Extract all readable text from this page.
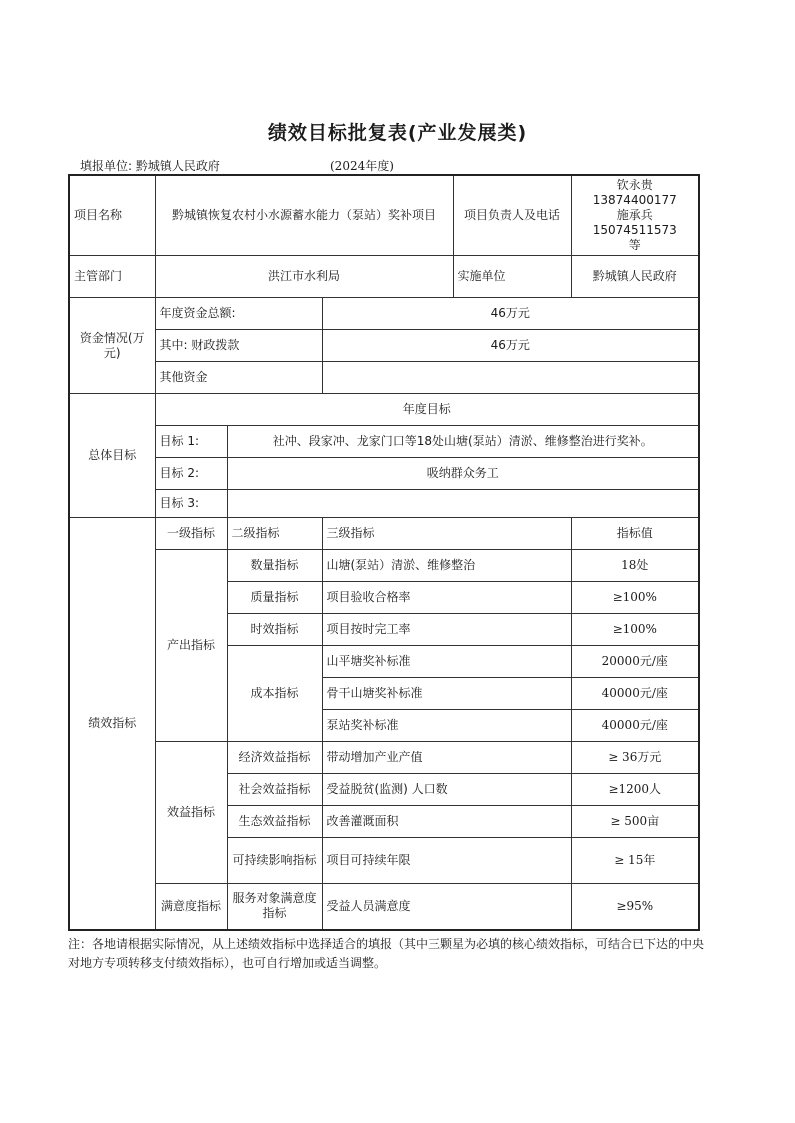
绩效目标批复表(产业发展类)
填报单位: 黔城镇人民政府	(2024年度)
项目名称	黔城镇恢复农村小水源蓄水能力（泵站）奖补项目			项目负责人及电话	钦永贵13874400177
施承兵15074511573
等

主管部门	洪江市水利局			实施单位	黔城镇人民政府
资金情况(万元)	年度资金总额:		46万元		
	其中: 财政拨款		46万元		
	其他资金				
总体目标	年度目标				
	目标 1:	社冲、段家冲、龙家门口等18处山塘(泵站）清淤、维修整治进行奖补。			
	目标 2:	吸纳群众务工			
	目标 3:				
绩效指标	一级指标	二级指标	三级指标		指标值
	产出指标	数量指标	山塘(泵站）清淤、维修整治		18处
		质量指标	项目验收合格率		≥100%
		时效指标	项目按时完工率		≥100%
		成本指标	山平塘奖补标准		20000元/座
			骨干山塘奖补标准		40000元/座
			泵站奖补标准		40000元/座
	效益指标	经济效益指标	带动增加产业产值		≥ 36万元
		社会效益指标	受益脱贫(监测) 人口数		≥1200人
		生态效益指标	改善灌溉面积		≥ 500亩
		可持续影响指标	项目可持续年限		≥ 15年
	满意度指标	服务对象满意度指标	受益人员满意度		≥95%
注：各地请根据实际情况，从上述绩效指标中选择适合的填报（其中三颗星为必填的核心绩效指标，可结合已下达的中央对地方专项转移支付绩效指标），也可自行增加或适当调整。
